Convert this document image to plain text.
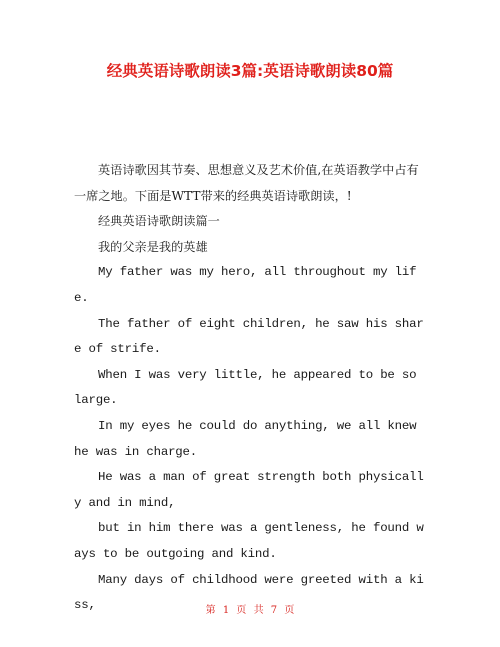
经典英语诗歌朗读3篇:英语诗歌朗读80篇

英语诗歌因其节奏、思想意义及艺术价值,在英语教学中占有一席之地。下面是WTT带来的经典英语诗歌朗读，!

经典英语诗歌朗读篇一

我的父亲是我的英雄

My father was my hero, all throughout my life.

The father of eight children, he saw his share of strife.

When I was very little, he appeared to be so large.

In my eyes he could do anything, we all knew he was in charge.

He was a man of great strength both physically and in mind,

but in him there was a gentleness, he found ways to be outgoing and kind.

Many days of childhood were greeted with a kiss,	第 1 页 共 7 页
